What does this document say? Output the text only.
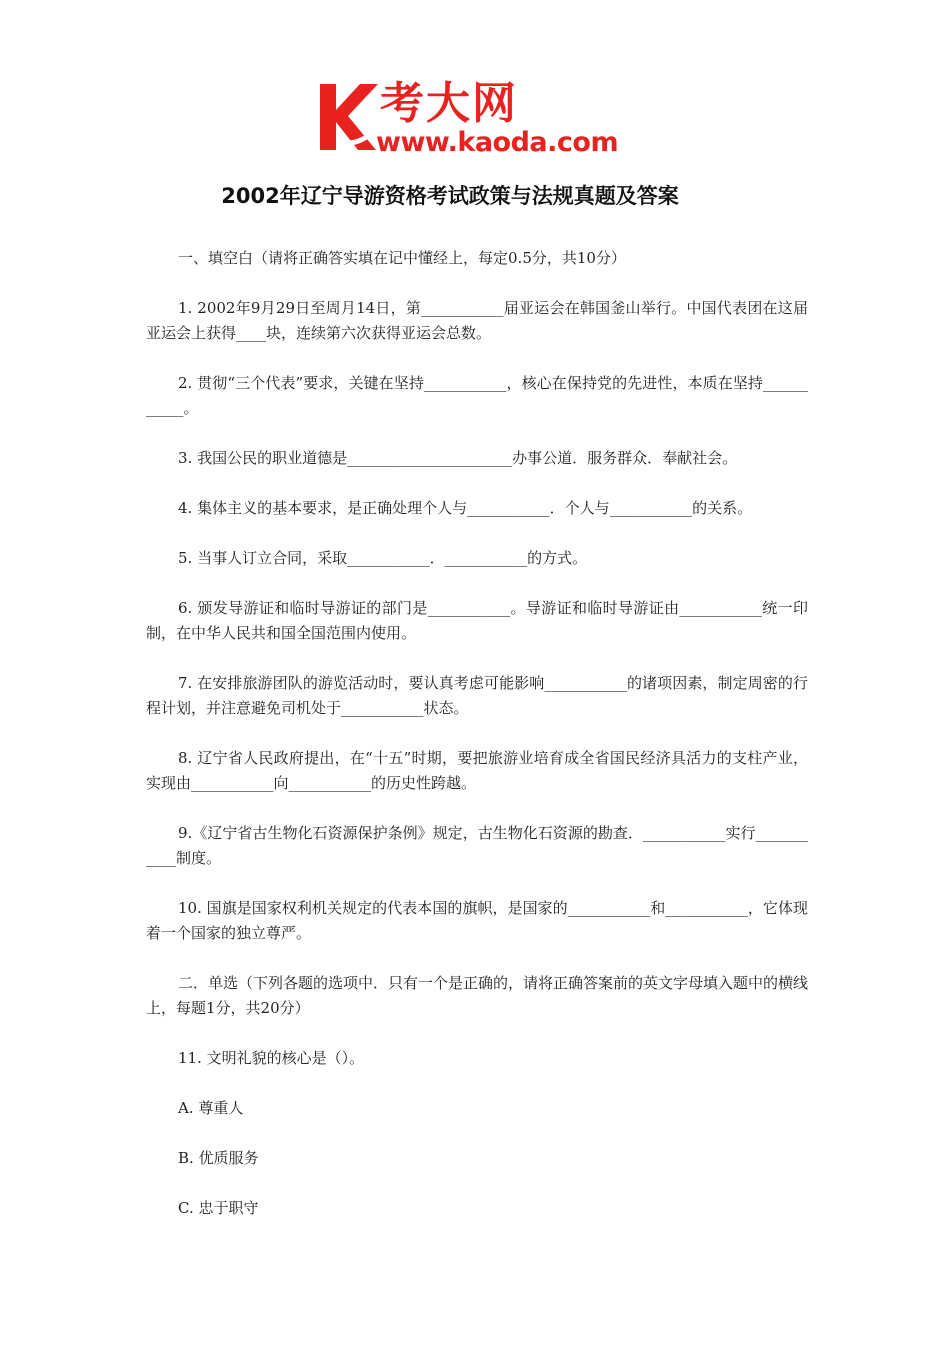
考大网
www.kaoda.com
2002年辽宁导游资格考试政策与法规真题及答案

一、填空白（请将正确答实填在记中懂经上，每定0.5分，共10分）

1. 2002年9月29日至周月14日，第___________届亚运会在韩国釜山举行。中国代表团在这届亚运会上获得____块，连续第六次获得亚运会总数。

2. 贯彻“三个代表”要求，关键在坚持___________，核心在保持党的先进性，本质在坚持___________。

3. 我国公民的职业道德是______________________办事公道．服务群众．奉献社会。

4. 集体主义的基本要求，是正确处理个人与___________．个人与___________的关系。

5. 当事人订立合同，采取___________．___________的方式。

6. 颁发导游证和临时导游证的部门是___________。导游证和临时导游证由___________统一印制，在中华人民共和国全国范围内使用。

7. 在安排旅游团队的游览活动时，要认真考虑可能影响___________的诸项因素，制定周密的行程计划，并注意避免司机处于___________状态。

8. 辽宁省人民政府提出，在“十五”时期，要把旅游业培育成全省国民经济具活力的支柱产业，实现由___________向___________的历史性跨越。

9.《辽宁省古生物化石资源保护条例》规定，古生物化石资源的勘查．___________实行___________制度。

10. 国旗是国家权利机关规定的代表本国的旗帜，是国家的___________和___________，它体现着一个国家的独立尊严。

二．单选（下列各题的选项中．只有一个是正确的，请将正确答案前的英文字母填入题中的横线上，每题1分，共20分）

11. 文明礼貌的核心是（）。

A. 尊重人

B. 优质服务

C. 忠于职守
